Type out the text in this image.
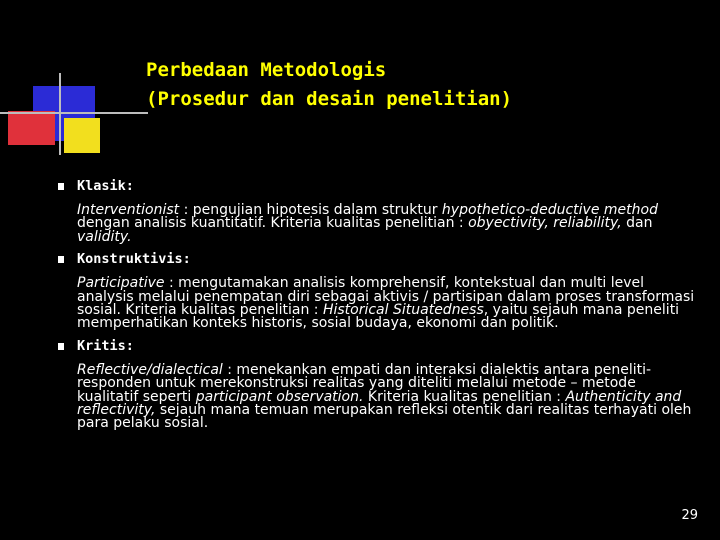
Perbedaan Metodologis
(Prosedur dan desain penelitian)
Klasik:
Interventionist : pengujian hipotesis dalam struktur hypothetico-deductive method dengan analisis kuantitatif. Kriteria kualitas penelitian : obyectivity, reliability, dan validity.
Konstruktivis:
Participative : mengutamakan analisis komprehensif, kontekstual dan multi level analysis melalui penempatan diri sebagai aktivis / partisipan dalam proses transformasi sosial. Kriteria kualitas penelitian : Historical Situatedness, yaitu sejauh mana peneliti memperhatikan konteks historis, sosial budaya, ekonomi dan politik.
Kritis:
Reflective/dialectical : menekankan empati dan interaksi dialektis antara peneliti-responden untuk merekonstruksi realitas yang diteliti melalui metode – metode kualitatif seperti participant observation. Kriteria kualitas penelitian : Authenticity and reflectivity, sejauh mana temuan merupakan refleksi otentik dari realitas terhayati oleh para pelaku sosial.
29
